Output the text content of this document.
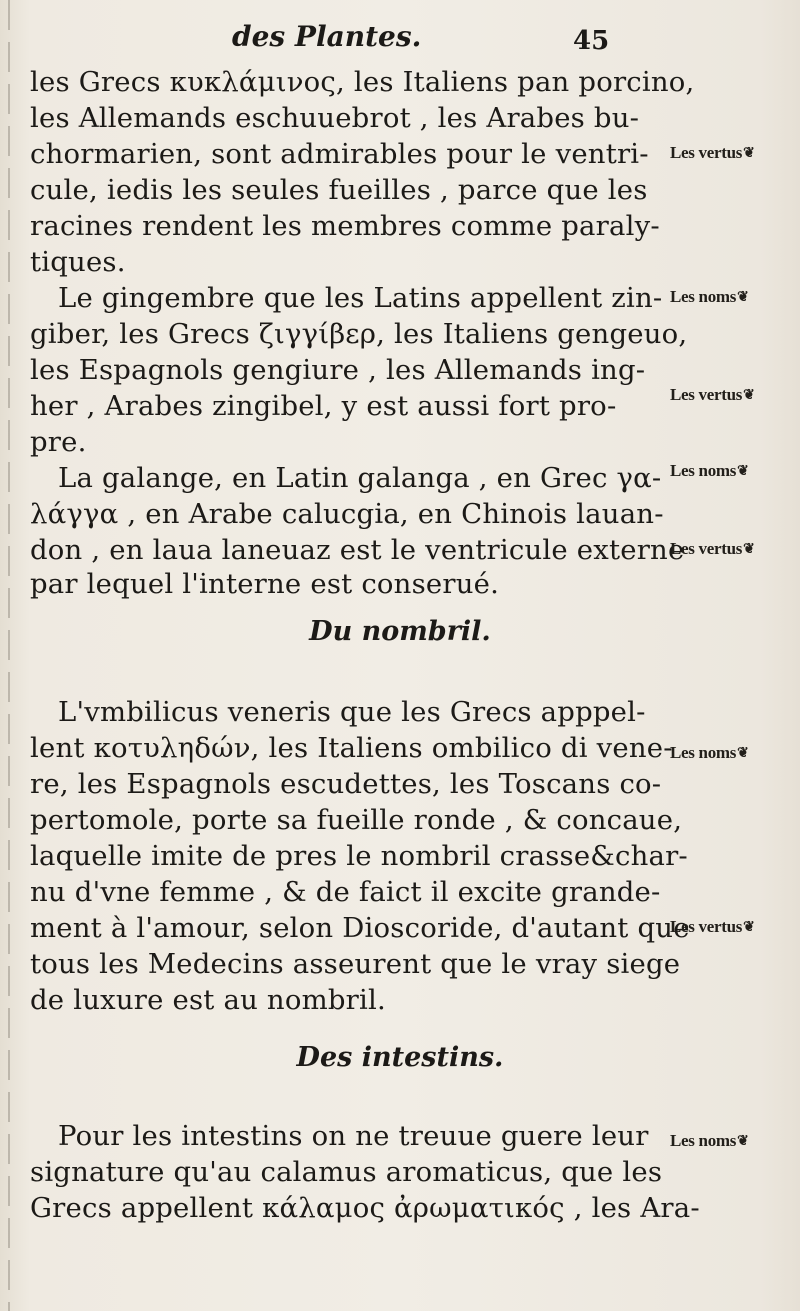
des Plantes.	45
les Grecs κυκλάμινος, les Italiens pan porcino,
les Allemands eschuuebrot , les Arabes bu-
chormarien, sont admirables pour le ventri-
cule, iedis les seules fueilles , parce que les
racines rendent les membres comme paraly-
tiques.
Le gingembre que les Latins appellent zin-
giber, les Grecs ζιγγίβερ, les Italiens gengeuo,
les Espagnols gengiure , les Allemands ing-
her , Arabes zingibel, y est aussi fort pro-
pre.
La galange, en Latin galanga , en Grec γα-
λάγγα , en Arabe calucgia, en Chinois lauan-
don , en laua laneuaz est le ventricule externe
par lequel l'interne est conserué.
L'vmbilicus veneris que les Grecs apppel-
lent κοτυληδών, les Italiens ombilico di vene-
re, les Espagnols escudettes, les Toscans co-
pertomole, porte sa fueille ronde , & concaue,
laquelle imite de pres le nombril crasse&char-
nu d'vne femme , & de faict il excite grande-
ment à l'amour, selon Dioscoride, d'autant que
tous les Medecins asseurent que le vray siege
de luxure est au nombril.
Pour les intestins on ne treuue guere leur
signature qu'au calamus aromaticus, que les
Grecs appellent κάλαμος ἀρωματικός , les Ara-
Du nombril.
Des intestins.
Les vertus❦
Les noms❦
Les vertus❦
Les noms❦
Les vertus❦
Les noms❦
Les vertus❦
Les noms❦
